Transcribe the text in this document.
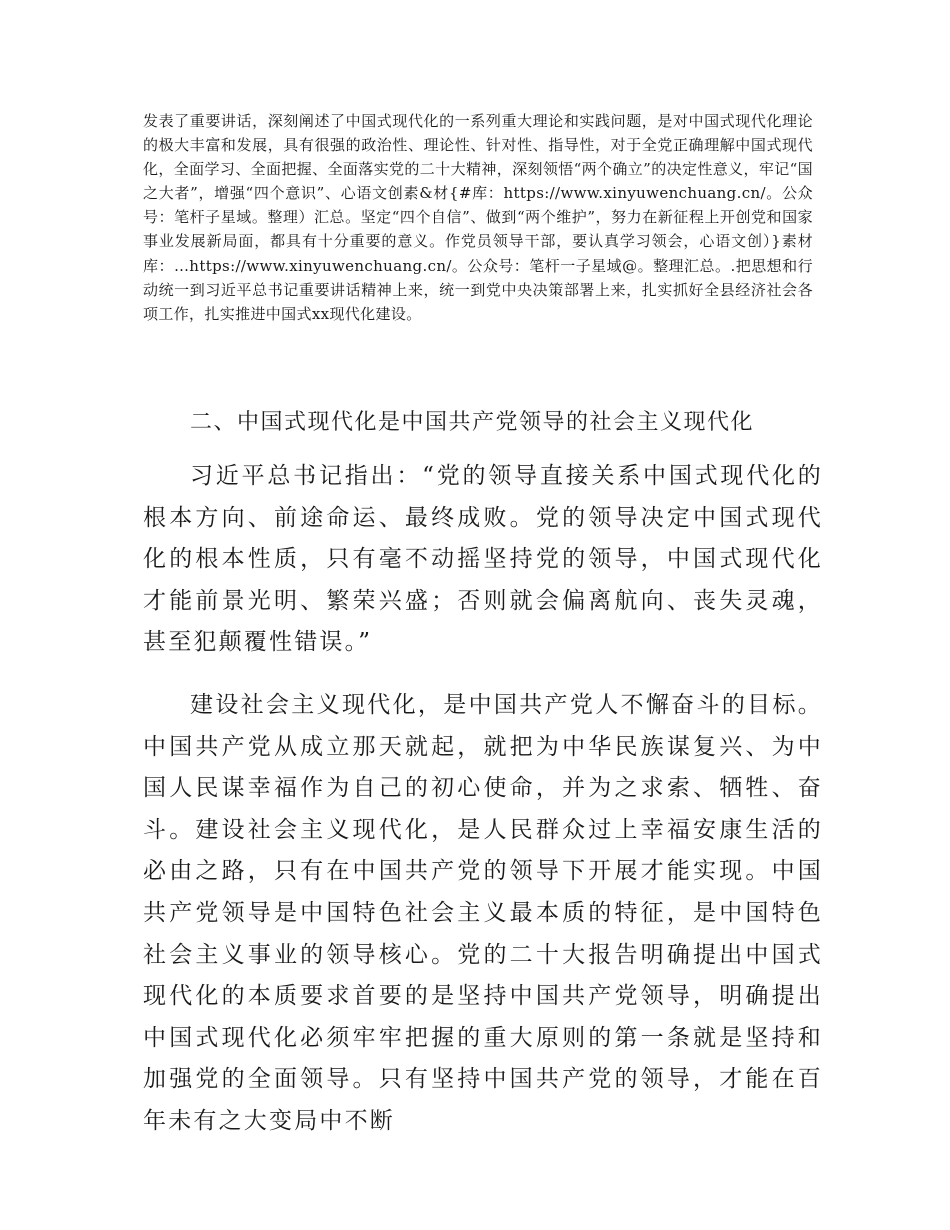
发表了重要讲话，深刻阐述了中国式现代化的一系列重大理论和实践问题，是对中国式现代化理论的极大丰富和发展，具有很强的政治性、理论性、针对性、指导性，对于全党正确理解中国式现代化，全面学习、全面把握、全面落实党的二十大精神，深刻领悟“两个确立”的决定性意义，牢记“国之大者”，增强“四个意识”、心语文创素&材{#库：https://www.xinyuwenchuang.cn/。公众号：笔杆子星域。整理）汇总。坚定“四个自信”、做到“两个维护”，努力在新征程上开创党和国家事业发展新局面，都具有十分重要的意义。作党员领导干部，要认真学习领会，心语文创）}素材库：…https://www.xinyuwenchuang.cn/。公众号：笔杆一子星域@。整理汇总。.把思想和行动统一到习近平总书记重要讲话精神上来，统一到党中央决策部署上来，扎实抓好全县经济社会各项工作，扎实推进中国式xx现代化建设。

二、中国式现代化是中国共产党领导的社会主义现代化

习近平总书记指出：“党的领导直接关系中国式现代化的根本方向、前途命运、最终成败。党的领导决定中国式现代化的根本性质，只有毫不动摇坚持党的领导，中国式现代化才能前景光明、繁荣兴盛；否则就会偏离航向、丧失灵魂，甚至犯颠覆性错误。”

建设社会主义现代化，是中国共产党人不懈奋斗的目标。中国共产党从成立那天就起，就把为中华民族谋复兴、为中国人民谋幸福作为自己的初心使命，并为之求索、牺牲、奋斗。建设社会主义现代化，是人民群众过上幸福安康生活的必由之路，只有在中国共产党的领导下开展才能实现。中国共产党领导是中国特色社会主义最本质的特征，是中国特色社会主义事业的领导核心。党的二十大报告明确提出中国式现代化的本质要求首要的是坚持中国共产党领导，明确提出中国式现代化必须牢牢把握的重大原则的第一条就是坚持和加强党的全面领导。只有坚持中国共产党的领导，才能在百年未有之大变局中不断
